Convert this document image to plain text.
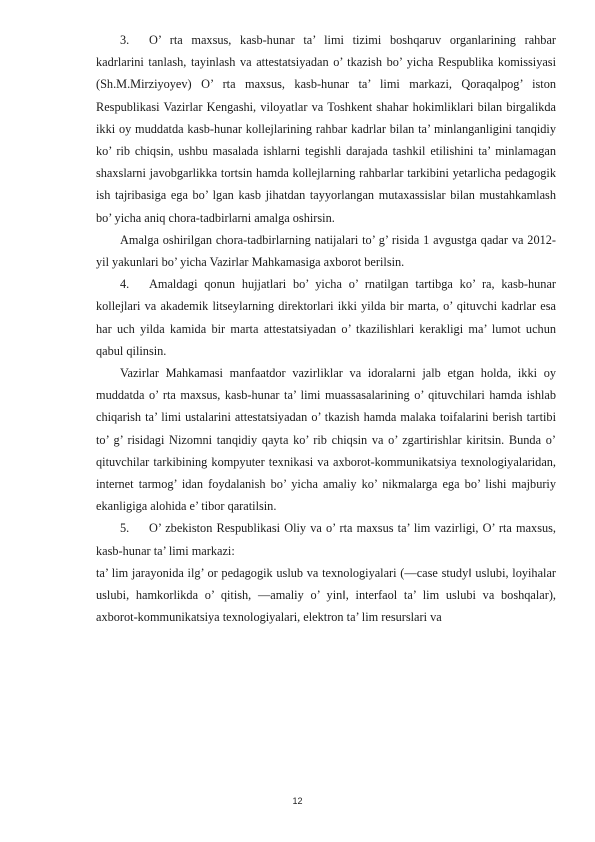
3. O’ rta maxsus, kasb-hunar ta’ limi tizimi boshqaruv organlarining rahbar kadrlarini tanlash, tayinlash va attestatsiyadan o’ tkazish bo’ yicha Respublika komissiyasi (Sh.M.Mirziyoyev) O’ rta maxsus, kasb-hunar ta’ limi markazi, Qoraqalpog’ iston Respublikasi Vazirlar Kengashi, viloyatlar va Toshkent shahar hokimliklari bilan birgalikda ikki oy muddatda kasb-hunar kollejlarining rahbar kadrlar bilan ta’ minlanganligini tanqidiy ko’ rib chiqsin, ushbu masalada ishlarni tegishli darajada tashkil etilishini ta’ minlamagan shaxslarni javobgarlikka tortsin hamda kollejlarning rahbarlar tarkibini yetarlicha pedagogik ish tajribasiga ega bo’ lgan kasb jihatdan tayyorlangan mutaxassislar bilan mustahkamlash bo’ yicha aniq chora-tadbirlarni amalga oshirsin.

Amalga oshirilgan chora-tadbirlarning natijalari to’ g’ risida 1 avgustga qadar va 2012-yil yakunlari bo’ yicha Vazirlar Mahkamasiga axborot berilsin.

4. Amaldagi qonun hujjatlari bo’ yicha o’ rnatilgan tartibga ko’ ra, kasb-hunar kollejlari va akademik litseylarning direktorlari ikki yilda bir marta, o’ qituvchi kadrlar esa har uch yilda kamida bir marta attestatsiyadan o’ tkazilishlari kerakligi ma’ lumot uchun qabul qilinsin.

Vazirlar Mahkamasi manfaatdor vazirliklar va idoralarni jalb etgan holda, ikki oy muddatda o’ rta maxsus, kasb-hunar ta’ limi muassasalarining o’ qituvchilari hamda ishlab chiqarish ta’ limi ustalarini attestatsiyadan o’ tkazish hamda malaka toifalarini berish tartibi to’ g’ risidagi Nizomni tanqidiy qayta ko’ rib chiqsin va o’ zgartirishlar kiritsin. Bunda o’ qituvchilar tarkibining kompyuter texnikasi va axborot-kommunikatsiya texnologiyalaridan, internet tarmog’ idan foydalanish bo’ yicha amaliy ko’ nikmalarga ega bo’ lishi majburiy ekanligiga alohida e’ tibor qaratilsin.

5. O’ zbekiston Respublikasi Oliy va o’ rta maxsus ta’ lim vazirligi, O’ rta maxsus, kasb-hunar ta’ limi markazi:

ta’ lim jarayonida ilg’ or pedagogik uslub va texnologiyalari (―case study‖ uslubi, loyihalar uslubi, hamkorlikda o’ qitish, ―amaliy o’ yin‖, interfaol ta’ lim uslubi va boshqalar), axborot-kommunikatsiya texnologiyalari, elektron ta’ lim resurslari va

12
